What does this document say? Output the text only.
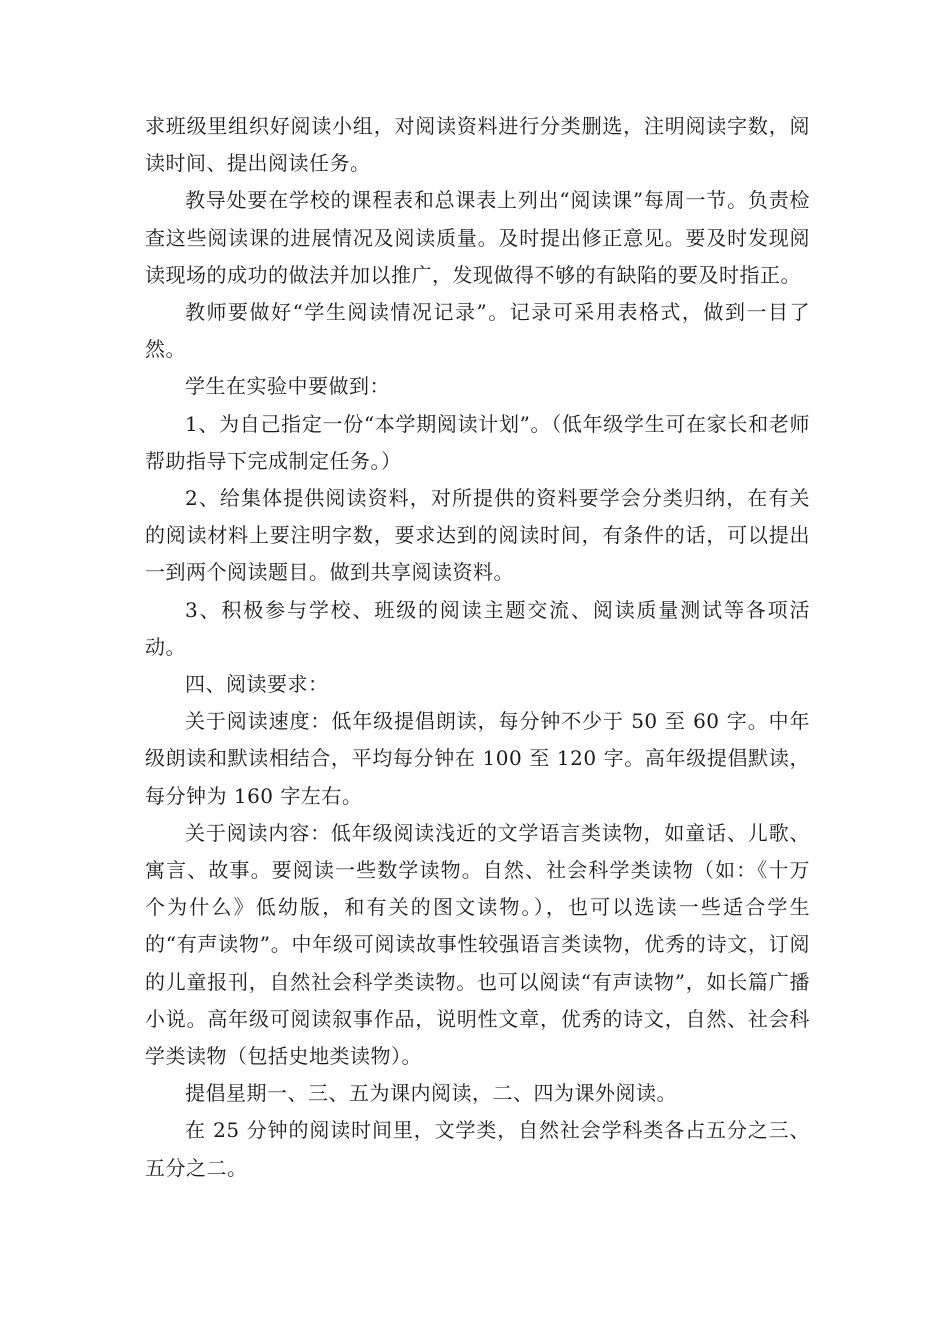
求班级里组织好阅读小组，对阅读资料进行分类删选，注明阅读字数，阅读时间、提出阅读任务。

教导处要在学校的课程表和总课表上列出“阅读课”每周一节。负责检查这些阅读课的进展情况及阅读质量。及时提出修正意见。要及时发现阅读现场的成功的做法并加以推广，发现做得不够的有缺陷的要及时指正。

教师要做好“学生阅读情况记录”。记录可采用表格式，做到一目了然。

学生在实验中要做到：

1、为自己指定一份“本学期阅读计划”。（低年级学生可在家长和老师帮助指导下完成制定任务。）

2、给集体提供阅读资料，对所提供的资料要学会分类归纳，在有关的阅读材料上要注明字数，要求达到的阅读时间，有条件的话，可以提出一到两个阅读题目。做到共享阅读资料。

3、积极参与学校、班级的阅读主题交流、阅读质量测试等各项活动。

四、阅读要求：

关于阅读速度：低年级提倡朗读，每分钟不少于 50 至 60 字。中年级朗读和默读相结合，平均每分钟在 100 至 120 字。高年级提倡默读，每分钟为 160 字左右。

关于阅读内容：低年级阅读浅近的文学语言类读物，如童话、儿歌、寓言、故事。要阅读一些数学读物。自然、社会科学类读物（如：《十万个为什么》低幼版，和有关的图文读物。），也可以选读一些适合学生的“有声读物”。中年级可阅读故事性较强语言类读物，优秀的诗文，订阅的儿童报刊，自然社会科学类读物。也可以阅读“有声读物”，如长篇广播小说。高年级可阅读叙事作品，说明性文章，优秀的诗文，自然、社会科学类读物（包括史地类读物）。

提倡星期一、三、五为课内阅读，二、四为课外阅读。

在 25 分钟的阅读时间里，文学类，自然社会学科类各占五分之三、五分之二。
